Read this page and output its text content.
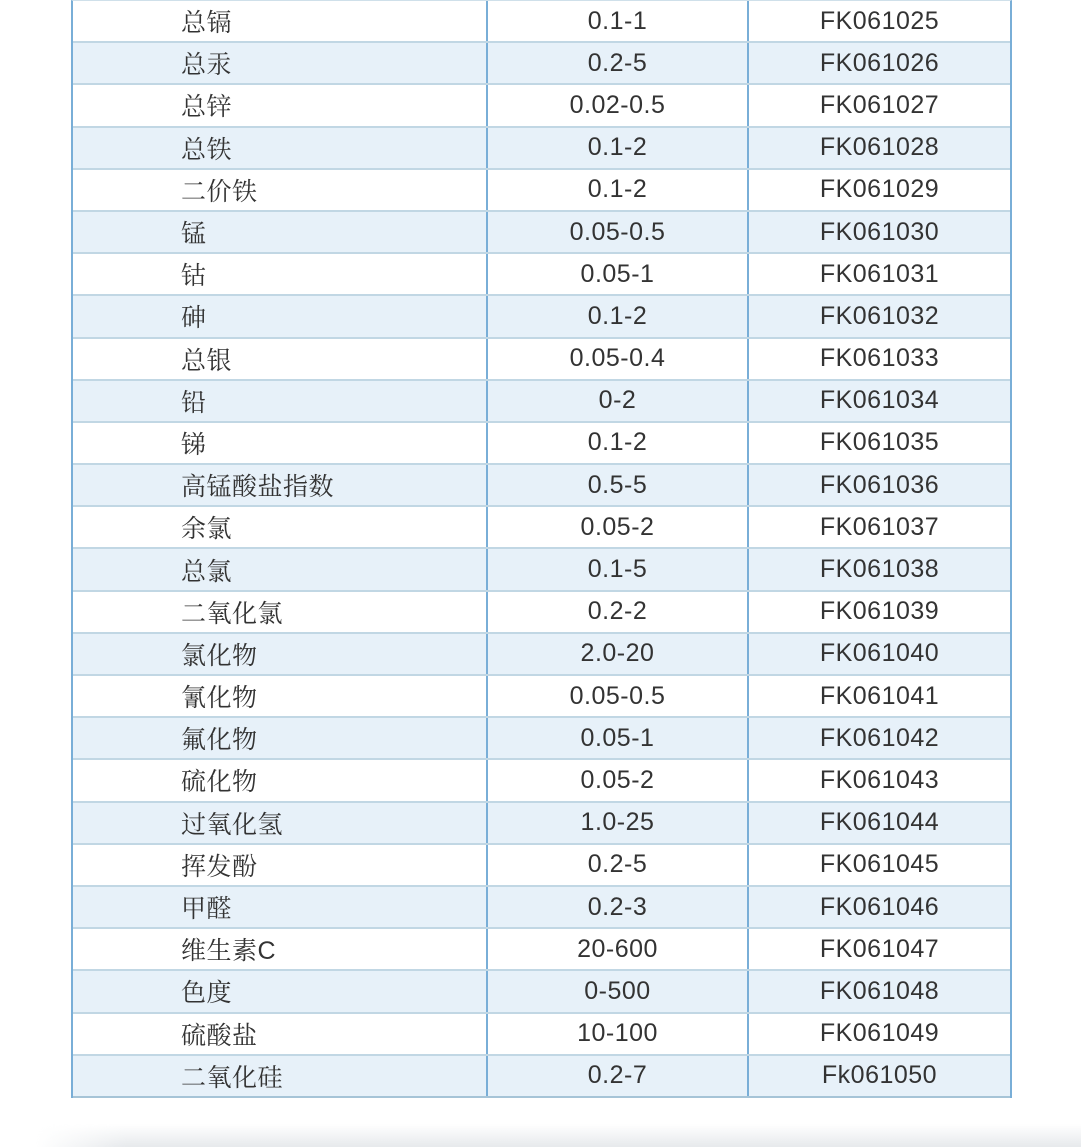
总镉	0.1-1	FK061025
总汞	0.2-5	FK061026
总锌	0.02-0.5	FK061027
总铁	0.1-2	FK061028
二价铁	0.1-2	FK061029
锰	0.05-0.5	FK061030
钴	0.05-1	FK061031
砷	0.1-2	FK061032
总银	0.05-0.4	FK061033
铅	0-2	FK061034
锑	0.1-2	FK061035
高锰酸盐指数	0.5-5	FK061036
余氯	0.05-2	FK061037
总氯	0.1-5	FK061038
二氧化氯	0.2-2	FK061039
氯化物	2.0-20	FK061040
氰化物	0.05-0.5	FK061041
氟化物	0.05-1	FK061042
硫化物	0.05-2	FK061043
过氧化氢	1.0-25	FK061044
挥发酚	0.2-5	FK061045
甲醛	0.2-3	FK061046
维生素C	20-600	FK061047
色度	0-500	FK061048
硫酸盐	10-100	FK061049
二氧化硅	0.2-7	Fk061050
